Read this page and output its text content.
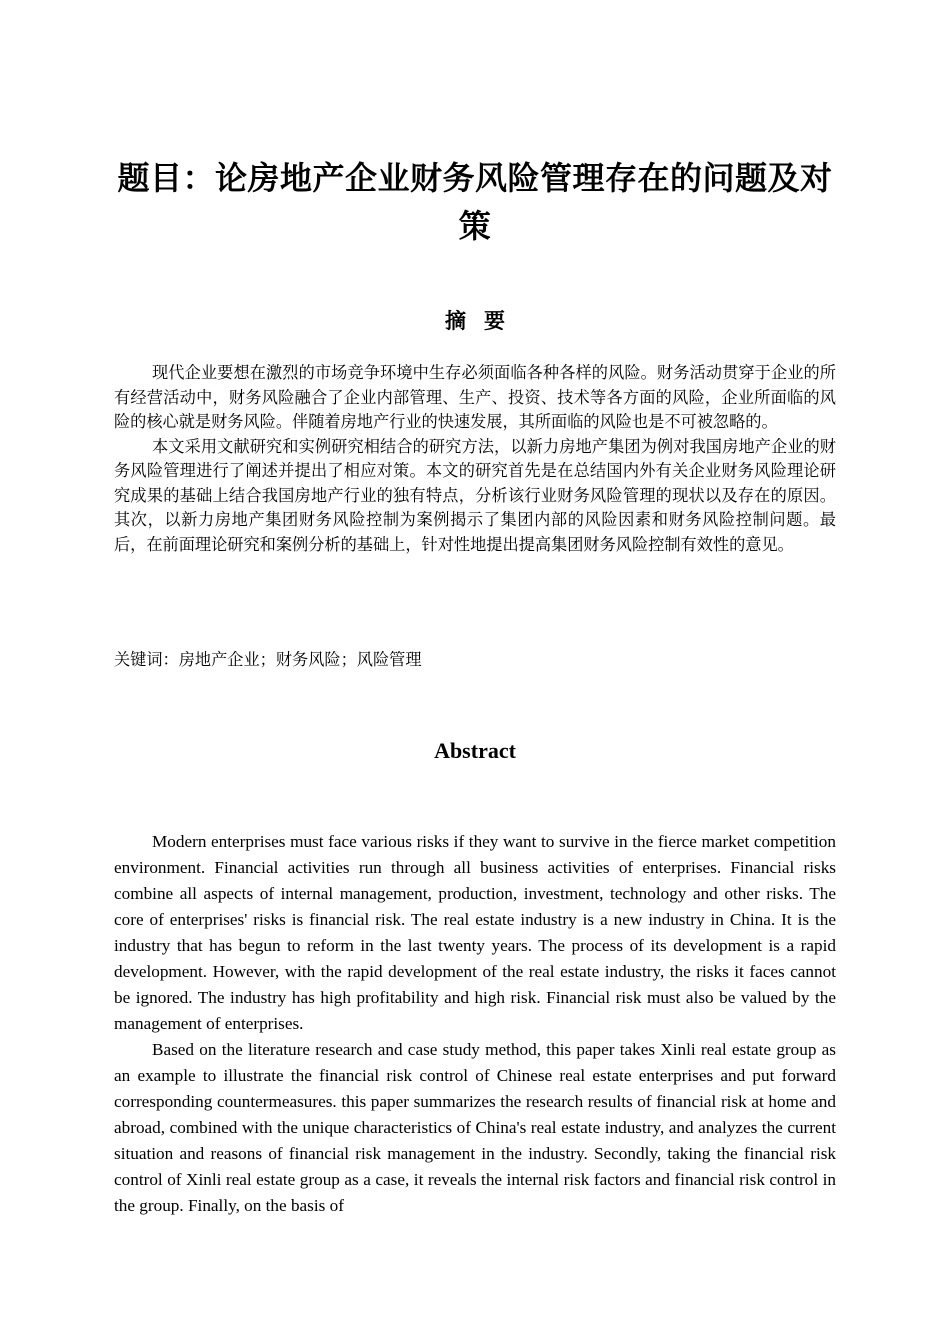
题目：论房地产企业财务风险管理存在的问题及对策
摘要

现代企业要想在激烈的市场竞争环境中生存必须面临各种各样的风险。财务活动贯穿于企业的所有经营活动中，财务风险融合了企业内部管理、生产、投资、技术等各方面的风险，企业所面临的风险的核心就是财务风险。伴随着房地产行业的快速发展，其所面临的风险也是不可被忽略的。

本文采用文献研究和实例研究相结合的研究方法，以新力房地产集团为例对我国房地产企业的财务风险管理进行了阐述并提出了相应对策。本文的研究首先是在总结国内外有关企业财务风险理论研究成果的基础上结合我国房地产行业的独有特点，分析该行业财务风险管理的现状以及存在的原因。其次，以新力房地产集团财务风险控制为案例揭示了集团内部的风险因素和财务风险控制问题。最后，在前面理论研究和案例分析的基础上，针对性地提出提高集团财务风险控制有效性的意见。

关键词：房地产企业；财务风险；风险管理

Abstract

Modern enterprises must face various risks if they want to survive in the fierce market competition environment. Financial activities run through all business activities of enterprises. Financial risks combine all aspects of internal management, production, investment, technology and other risks. The core of enterprises' risks is financial risk. The real estate industry is a new industry in China. It is the industry that has begun to reform in the last twenty years. The process of its development is a rapid development. However, with the rapid development of the real estate industry, the risks it faces cannot be ignored. The industry has high profitability and high risk. Financial risk must also be valued by the management of enterprises.

Based on the literature research and case study method, this paper takes Xinli real estate group as an example to illustrate the financial risk control of Chinese real estate enterprises and put forward corresponding countermeasures. this paper summarizes the research results of financial risk at home and abroad, combined with the unique characteristics of China's real estate industry, and analyzes the current situation and reasons of financial risk management in the industry. Secondly, taking the financial risk control of Xinli real estate group as a case, it reveals the internal risk factors and financial risk control in the group. Finally, on the basis of
